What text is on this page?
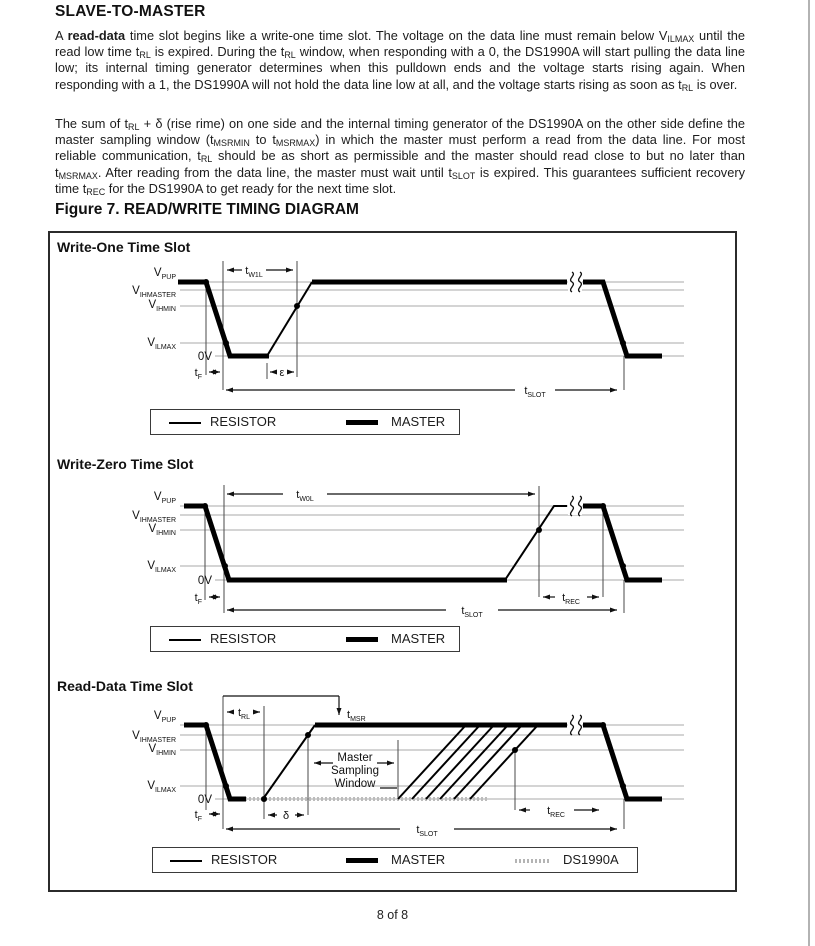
SLAVE-TO-MASTER

A read-data time slot begins like a write-one time slot. The voltage on the data line must remain below $V_{ILMAX}$ until the read low time $t_{RL}$ is expired. During the $t_{RL}$ window, when responding with a 0, the DS1990A will start pulling the data line low; its internal timing generator determines when this pulldown ends and the voltage starts rising again. When responding with a 1, the DS1990A will not hold the data line low at all, and the voltage starts rising as soon as $t_{RL}$ is over.

The sum of $t_{RL} + \delta$ (rise rime) on one side and the internal timing generator of the DS1990A on the other side define the master sampling window ($t_{MSRMIN}$ to $t_{MSRMAX}$) in which the master must perform a read from the data line. For most reliable communication, $t_{RL}$ should be as short as permissible and the master should read close to but no later than $t_{MSRMAX}$. After reading from the data line, the master must wait until $t_{SLOT}$ is expired. This guarantees sufficient recovery time $t_{REC}$ for the DS1990A to get ready for the next time slot.

Figure 7. READ/WRITE TIMING DIAGRAM
Write-One Time Slot
$V_{PUP}$
$V_{IHMASTER}$
$V_{IHMIN}$
$V_{ILMAX}$
0V
$t_{W1L}$
$t_F$	ε
$t_{SLOT}$
RESISTOR	MASTER
Write-Zero Time Slot
$V_{PUP}$
$V_{IHMASTER}$
$V_{IHMIN}$
$V_{ILMAX}$
0V
$t_{W0L}$
$t_F$	$t_{REC}$
$t_{SLOT}$
RESISTOR	MASTER
Read-Data Time Slot
$V_{PUP}$
$V_{IHMASTER}$
$V_{IHMIN}$
$V_{ILMAX}$
0V
$t_{RL}$	$t_{MSR}$
Master
Sampling
Window
$t_F$	δ	$t_{REC}$
$t_{SLOT}$
RESISTOR	MASTER	DS1990A
8 of 8
